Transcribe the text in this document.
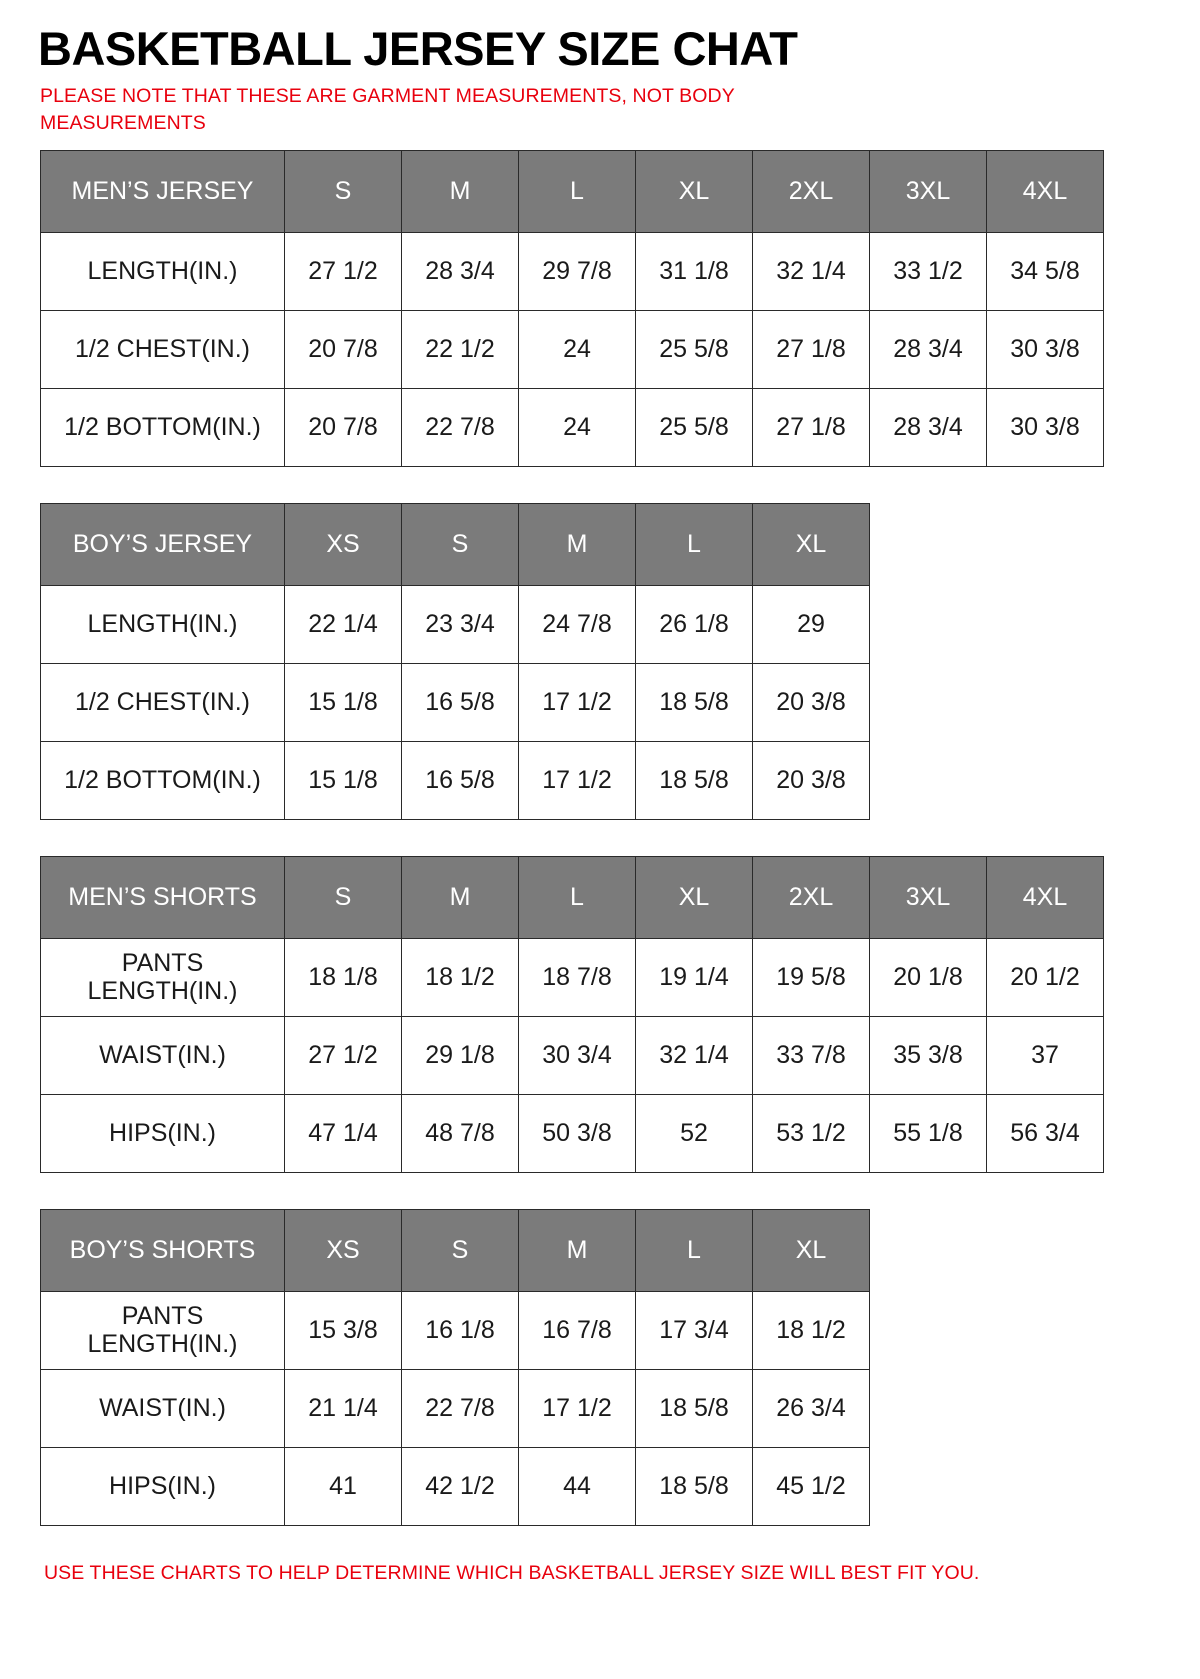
BASKETBALL JERSEY SIZE CHAT
PLEASE NOTE THAT THESE ARE GARMENT MEASUREMENTS, NOT BODY MEASUREMENTS
MEN’S JERSEY	S	M	L	XL	2XL	3XL	4XL
LENGTH(IN.)	27 1/2	28 3/4	29 7/8	31 1/8	32 1/4	33 1/2	34 5/8
1/2 CHEST(IN.)	20 7/8	22 1/2	24	25 5/8	27 1/8	28 3/4	30 3/8
1/2 BOTTOM(IN.)	20 7/8	22 7/8	24	25 5/8	27 1/8	28 3/4	30 3/8
BOY’S JERSEY	XS	S	M	L	XL
LENGTH(IN.)	22 1/4	23 3/4	24 7/8	26 1/8	29
1/2 CHEST(IN.)	15 1/8	16 5/8	17 1/2	18 5/8	20 3/8
1/2 BOTTOM(IN.)	15 1/8	16 5/8	17 1/2	18 5/8	20 3/8
MEN’S SHORTS	S	M	L	XL	2XL	3XL	4XL

PANTS
LENGTH(IN.)	18 1/8	18 1/2	18 7/8	19 1/4	19 5/8	20 1/8	20 1/2
WAIST(IN.)	27 1/2	29 1/8	30 3/4	32 1/4	33 7/8	35 3/8	37
HIPS(IN.)	47 1/4	48 7/8	50 3/8	52	53 1/2	55 1/8	56 3/4
BOY’S SHORTS	XS	S	M	L	XL

PANTS
LENGTH(IN.)	15 3/8	16 1/8	16 7/8	17 3/4	18 1/2
WAIST(IN.)	21 1/4	22 7/8	17 1/2	18 5/8	26 3/4
HIPS(IN.)	41	42 1/2	44	18 5/8	45 1/2
USE THESE CHARTS TO HELP DETERMINE WHICH BASKETBALL JERSEY SIZE WILL BEST FIT YOU.
